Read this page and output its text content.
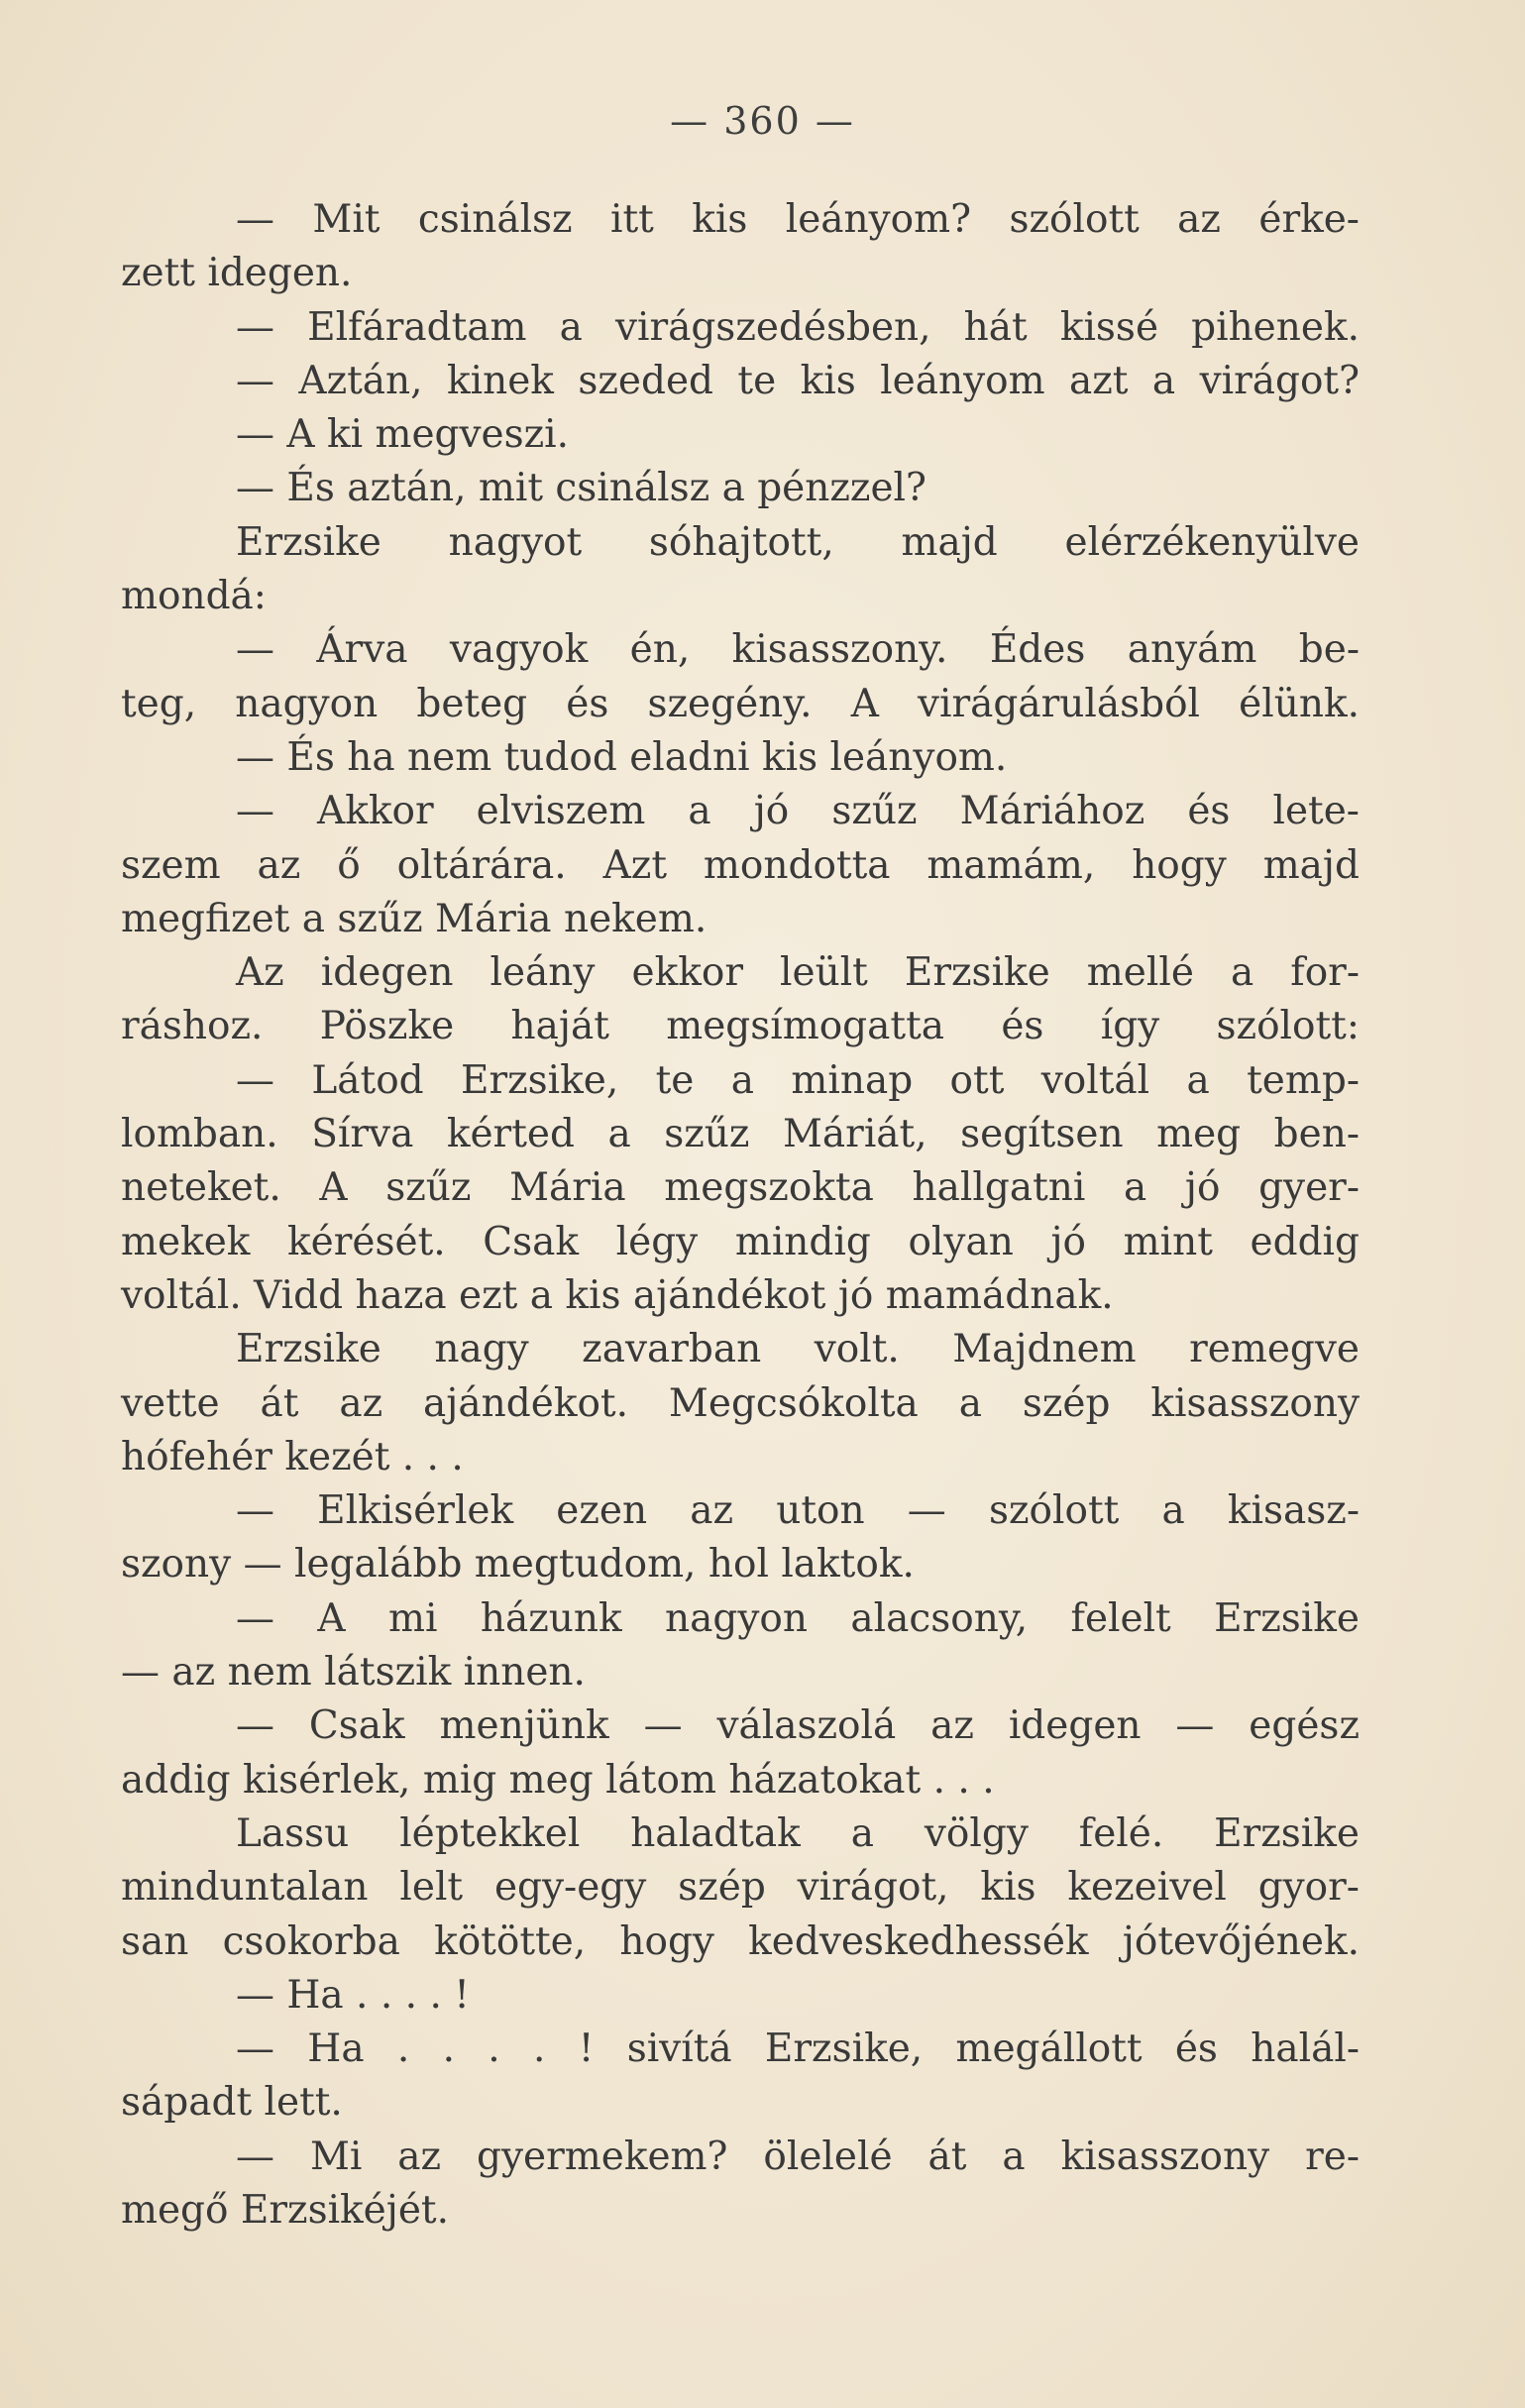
— 360 —
— Mit csinálsz itt kis leányom? szólott az érke-
zett idegen.
— Elfáradtam a virágszedésben, hát kissé pihenek.
— Aztán, kinek szeded te kis leányom azt a virágot?
— A ki megveszi.
— És aztán, mit csinálsz a pénzzel?
Erzsike nagyot sóhajtott, majd elérzékenyülve
mondá:
— Árva vagyok én, kisasszony. Édes anyám be-
teg, nagyon beteg és szegény. A virágárulásból élünk.
— És ha nem tudod eladni kis leányom.
— Akkor elviszem a jó szűz Máriához és lete-
szem az ő oltárára. Azt mondotta mamám, hogy majd
megfizet a szűz Mária nekem.
Az idegen leány ekkor leült Erzsike mellé a for-
ráshoz. Pöszke haját megsímogatta és így szólott:
— Látod Erzsike, te a minap ott voltál a temp-
lomban. Sírva kérted a szűz Máriát, segítsen meg ben-
neteket. A szűz Mária megszokta hallgatni a jó gyer-
mekek kérését. Csak légy mindig olyan jó mint eddig
voltál. Vidd haza ezt a kis ajándékot jó mamádnak.
Erzsike nagy zavarban volt. Majdnem remegve
vette át az ajándékot. Megcsókolta a szép kisasszony
hófehér kezét . . .
— Elkisérlek ezen az uton — szólott a kisasz-
szony — legalább megtudom, hol laktok.
— A mi házunk nagyon alacsony, felelt Erzsike
— az nem látszik innen.
— Csak menjünk — válaszolá az idegen — egész
addig kisérlek, mig meg látom házatokat . . .
Lassu léptekkel haladtak a völgy felé. Erzsike
minduntalan lelt egy-egy szép virágot, kis kezeivel gyor-
san csokorba kötötte, hogy kedveskedhessék jótevőjének.
— Ha . . . . !
— Ha . . . . ! sivítá Erzsike, megállott és halál-
sápadt lett.
— Mi az gyermekem? ölelelé át a kisasszony re-
megő Erzsikéjét.
